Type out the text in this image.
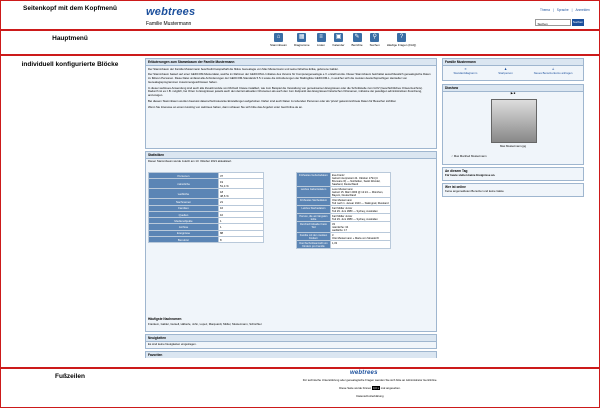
Seitenkopf mit dem Kopfmenü
Hauptmenü
individuell konfigurierte Blöcke
Fußzeilen
webtrees
Familie Mustermann
Thema | Sprache | Anmelden
Suchen	Suchen
⌂
Stammbaum
▦
Diagramme
≡
Listen
▣
Kalender
✎
Berichte
⚲
Suchen
?
Häufige Fragen (FAQ)
Erläuterungen zum Stammbaum der Familie Mustermann

Der Stammbaum der Familie Mustermann beschreibt beispielhaft die fiktive Genealogie von Max Mustermann und seiner Ehefrau Erika, geborene Gabler.

Der Stammbaum basiert auf einer GEDCOM-Musterdatei, welche im Rahmen der GEDCOM-L Initiative des Vereins für Computergenealogie e.V. erstellt wurde. Dieser Stammbaum beinhaltet ausschliesslich genealogische Daten zu fiktiven Personen. Diese Datei umfasst alle Anforderungen der GEDCOM-Standards 5.5.1 sowie die Anforderungen der Mailingliste GEDCOM-L, in welcher sich die meisten deutschsprachigen Hersteller von Genealogieprogrammen zusammengeschlossen haben.

In dieser webtrees Anwendung sind auch alle Zusatzmodule von Richard Cissée installiert, wie zum Beispiel die Verwaltung von gemeinsamen Ereignissen oder die Schnittstelle zum GOV (Geschichtliches Ortsverzeichnis). Dadurch ist es z.B. möglich, bei Orten zu Ereignissen jeweils auch den derzeit aktuellen Ortsnamen als auch den zum Zeitpunkt des Ereignisses historischen Ortsnamen, inklusive der jeweiligen administrativen Zuordnung, anzuzeigen.

Bei diesem Stammbaum werden bewusst datenschutzrelevante Einstellungen aufgehoben. Daher sind auch Daten zu lebenden Personen oder als 'privat' gekennzeichnete Daten für Besucher sichtbar.

Wenn Sie Interesse an einem Hosting von webtrees haben, dann schauen Sie sich bitte das Angebot unter GenOnline.de an.

Statistiken
Dieser Stammbaum wurde zuletzt am 13. Oktober 2021 aktualisiert.
Personen	37
männliche	19
51,4 %
weibliche	18
48,6 %
Nachnamen	21
Familien	16
Quellen	10
Medienobjekte	1
Archive	1
Ereignisse	88
Benutzer	8
Frühestes Geburtsdatum	Eva Frantz
Geburt interpretiert 24. Oktober 1794 (3. Brumaire III) — Nohfelden, Sankt Wendel, Saarland, Deutschland
Letztes Geburtsdatum	Leon Mustermann
Geburt 15. März 2003 @ 12:24 — München, Bayern, Deutschland
Frühestes Sterbedatum	Otto Mustermann
Tod nach 1. Januar 1943 — Stalingrad, Russland
Letztes Sterbedatum	Karl Müller Junior
Tod 29. Juni 1880 — Sydney, Australien
Person, die am längsten lebte	Karl Müller Junior
Tod 29. Juni 1880 — Sydney, Australien
Durchschnittsalter beim Tod	33
männliche: 34
weibliche: 17
Familie mit den meisten Kindern	3
Otto Mustermann + Maria von Strasdorfz
Durchschnittsanzahl von Kindern pro Familie	1,33
Häufigste Nachnamen
Frankem, Gabler, Gutsell, Häberle, John, Lopez, Marquardt, Müller, Mustermann, Schüchter
Neuigkeiten
Es sind keine Neuigkeiten eingetragen.
Favoriten
Familie Mustermann
✕
Standarddiagramm
♟
Startperson
♙
Neues Benutzerkonto anfragen
Diashow
▶ ■
Max Mustermann.jpg
♂ Max Manfred Mustermann
An diesem Tag
Für heute stehen keine Ereignisse an.
Wer ist online
Keine angemeldeten Benutzer und keine Gäste
webtrees
Für technische Unterstützung oder genealogische Fragen wenden Sie sich bitte an Administrator GenOnline.
Diese Seite wurde binnen 0,0 s mal angesehen.
Datenschutzerklärung
